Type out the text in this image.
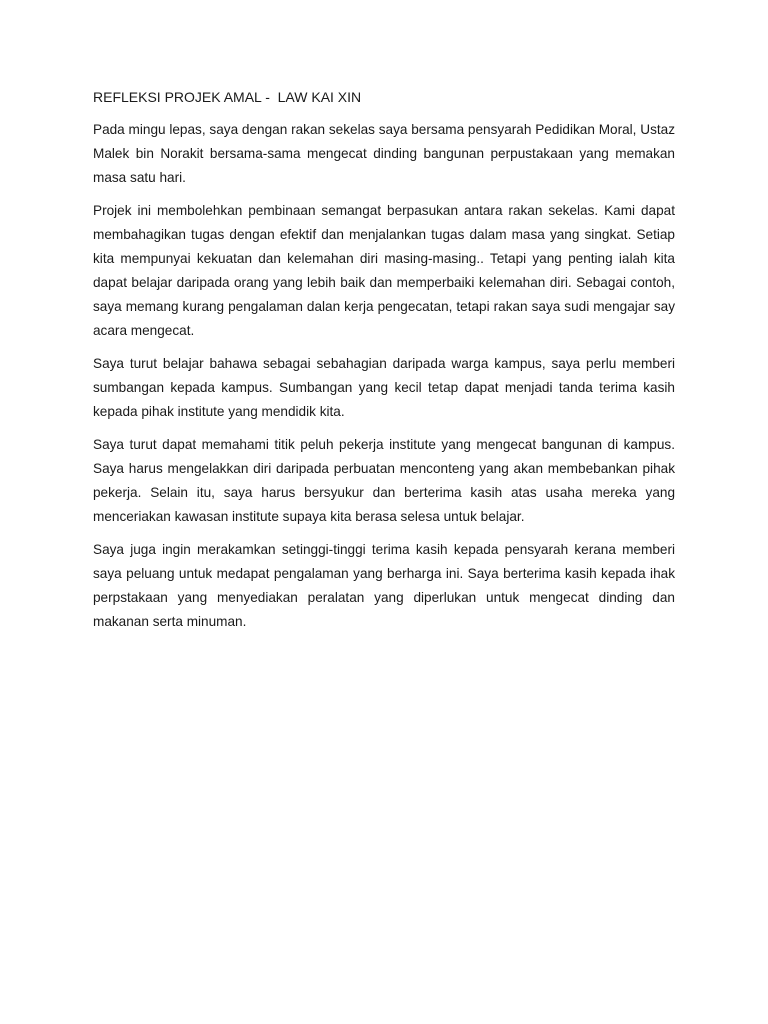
REFLEKSI PROJEK AMAL -  LAW KAI XIN

Pada mingu lepas, saya dengan rakan sekelas saya bersama pensyarah Pedidikan Moral, Ustaz Malek bin Norakit bersama-sama mengecat dinding bangunan perpustakaan yang memakan masa satu hari.

Projek ini membolehkan pembinaan semangat berpasukan antara rakan sekelas. Kami dapat membahagikan tugas dengan efektif dan menjalankan tugas dalam masa yang singkat. Setiap kita mempunyai kekuatan dan kelemahan diri masing-masing.. Tetapi yang penting ialah kita dapat belajar daripada orang yang lebih baik dan memperbaiki kelemahan diri. Sebagai contoh, saya memang kurang pengalaman dalan kerja pengecatan, tetapi rakan saya sudi mengajar say acara mengecat.

Saya turut belajar bahawa sebagai sebahagian daripada warga kampus, saya perlu memberi sumbangan kepada kampus. Sumbangan yang kecil tetap dapat menjadi tanda terima kasih kepada pihak institute yang mendidik kita.

Saya turut dapat memahami titik peluh pekerja institute yang mengecat bangunan di kampus. Saya harus mengelakkan diri daripada perbuatan menconteng yang akan membebankan pihak pekerja. Selain itu, saya harus bersyukur dan berterima kasih atas usaha mereka yang menceriakan kawasan institute supaya kita berasa selesa untuk belajar.

Saya juga ingin merakamkan setinggi-tinggi terima kasih kepada pensyarah kerana memberi saya peluang untuk medapat pengalaman yang berharga ini. Saya berterima kasih kepada ihak perpstakaan yang menyediakan peralatan yang diperlukan untuk mengecat dinding dan makanan serta minuman.
